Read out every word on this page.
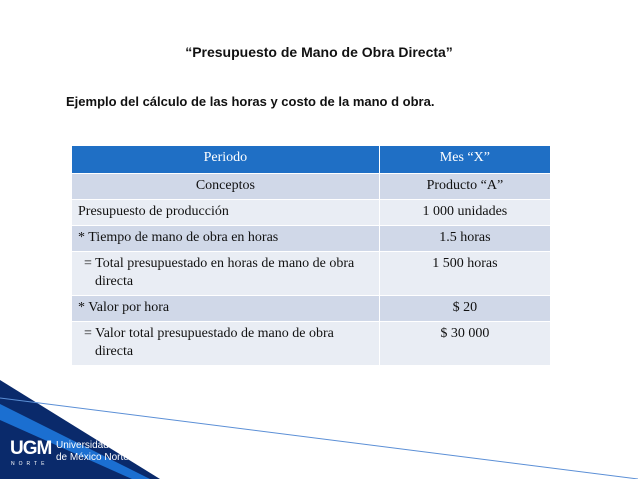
“Presupuesto de Mano de Obra Directa”
Ejemplo del cálculo de las horas y costo de la mano d obra.
Periodo	Mes “X”
Conceptos	Producto “A”
Presupuesto de producción	1 000 unidades
* Tiempo de mano de obra en horas	1.5 horas

= Total presupuestado en horas de mano de obra directa	1 500 horas
* Valor por hora	$ 20

= Valor total presupuestado de mano de obra directa	$ 30 000
UGM
NORTE
Universidad del Golfo
de México Norte
